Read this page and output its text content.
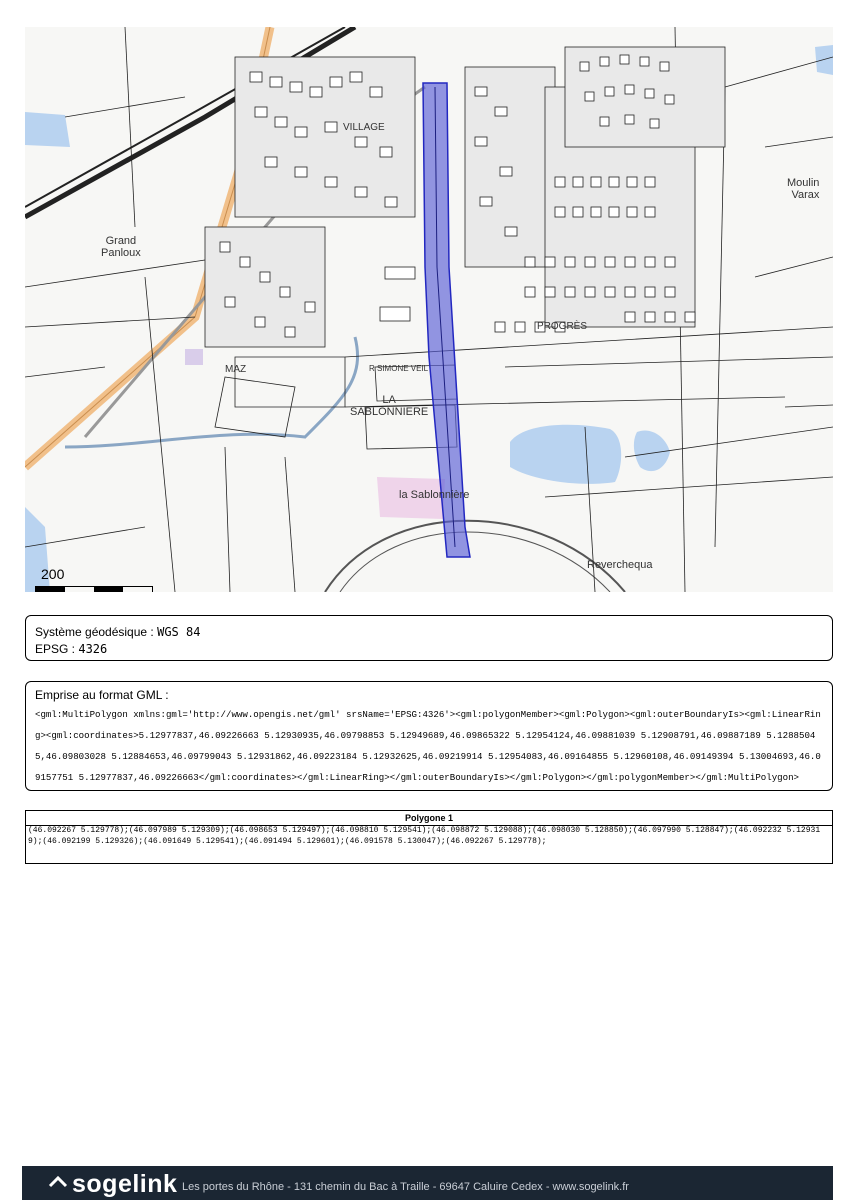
VILLAGE
Grand
Panloux
Moulin
Varax
MAZ	R SIMONE VEIL
LA
SABLONNIERE
la Sablonnière
PROGRÈS
Reverchequa
200
Système géodésique : WGS 84
EPSG : 4326
Emprise au format GML :
<gml:MultiPolygon xmlns:gml='http://www.opengis.net/gml' srsName='EPSG:4326'><gml:polygonMember><gml:Polygon><gml:outerBoundaryIs><gml:LinearRing><gml:coordinates>5.12977837,46.09226663 5.12930935,46.09798853 5.12949689,46.09865322 5.12954124,46.09881039 5.12908791,46.09887189 5.12885045,46.09803028 5.12884653,46.09799043 5.12931862,46.09223184 5.12932625,46.09219914 5.12954083,46.09164855 5.12960108,46.09149394 5.13004693,46.09157751 5.12977837,46.09226663</gml:coordinates></gml:LinearRing></gml:outerBoundaryIs></gml:Polygon></gml:polygonMember></gml:MultiPolygon>
Polygone 1
(46.092267 5.129778);(46.097989 5.129309);(46.098653 5.129497);(46.098810 5.129541);(46.098872 5.129088);(46.098030 5.128850);(46.097990 5.128847);(46.092232 5.129319);(46.092199 5.129326);(46.091649 5.129541);(46.091494 5.129601);(46.091578 5.130047);(46.092267 5.129778);
sogelink Les portes du Rhône - 131 chemin du Bac à Traille - 69647 Caluire Cedex - www.sogelink.fr
